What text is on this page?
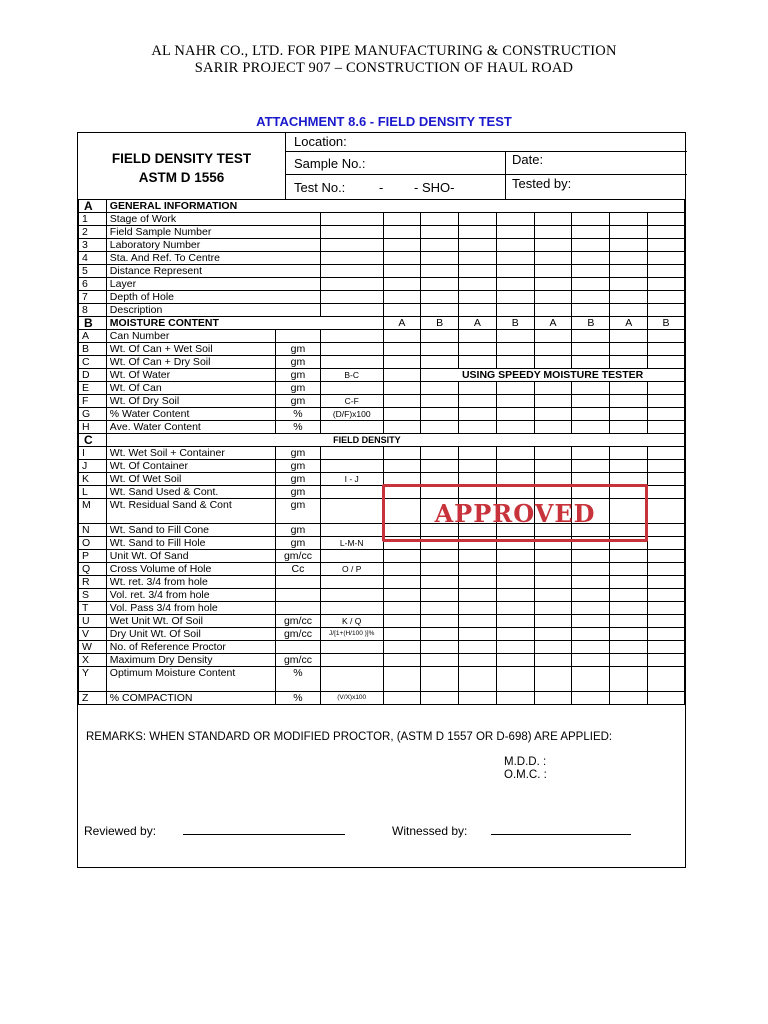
AL NAHR CO., LTD. FOR PIPE MANUFACTURING & CONSTRUCTION
SARIR PROJECT 907 – CONSTRUCTION OF HAUL ROAD
ATTACHMENT 8.6 - FIELD DENSITY TEST
FIELD DENSITY TEST
ASTM D 1556
Location:
Sample No.:	Date:
Test No.:	- - SHO-	Tested by:
A	GENERAL INFORMATION										
1	Stage of Work										
2	Field Sample Number										
3	Laboratory Number										
4	Sta. And Ref. To Centre										
5	Distance Represent										
6	Layer										
7	Depth of Hole										
8	Description										
B	MOISTURE CONTENT			A	B	A	B	A	B	A	B
A	Can Number										
B	Wt. Of Can + Wet Soil	gm									
C	Wt. Of Can + Dry Soil	gm									
D	Wt. Of Water	gm	B-C		USING SPEEDY MOISTURE TESTER						
E	Wt. Of Can	gm									
F	Wt. Of Dry Soil	gm	C-F								
G	% Water Content	%	(D/F)x100								
H	Ave. Water Content	%									
C	FIELD DENSITY										
I	Wt. Wet Soil + Container	gm									
J	Wt. Of Container	gm									
K	Wt. Of Wet Soil	gm	I - J								
L	Wt. Sand Used & Cont.	gm									
M	Wt. Residual Sand & Cont	gm									
N	Wt. Sand to Fill Cone	gm									
O	Wt. Sand to Fill Hole	gm	L-M-N								
P	Unit Wt. Of Sand	gm/cc									
Q	Cross Volume of Hole	Cc	O / P								
R	Wt. ret. 3/4 from hole										
S	Vol. ret. 3/4 from hole										
T	Vol. Pass 3/4 from hole										
U	Wet Unit Wt. Of Soil	gm/cc	K / Q								
V	Dry Unit Wt. Of Soil	gm/cc	J/[1+(H/100 )]%								
W	No. of Reference Proctor										
X	Maximum Dry Density	gm/cc									
Y	Optimum Moisture Content	%									
Z	% COMPACTION	%	(V/X)x100								

REMARKS: WHEN STANDARD OR MODIFIED PROCTOR, (ASTM D 1557 OR D-698) ARE APPLIED:
M.D.D. :
O.M.C. :
Reviewed by:	Witnessed by:
APPROVED
